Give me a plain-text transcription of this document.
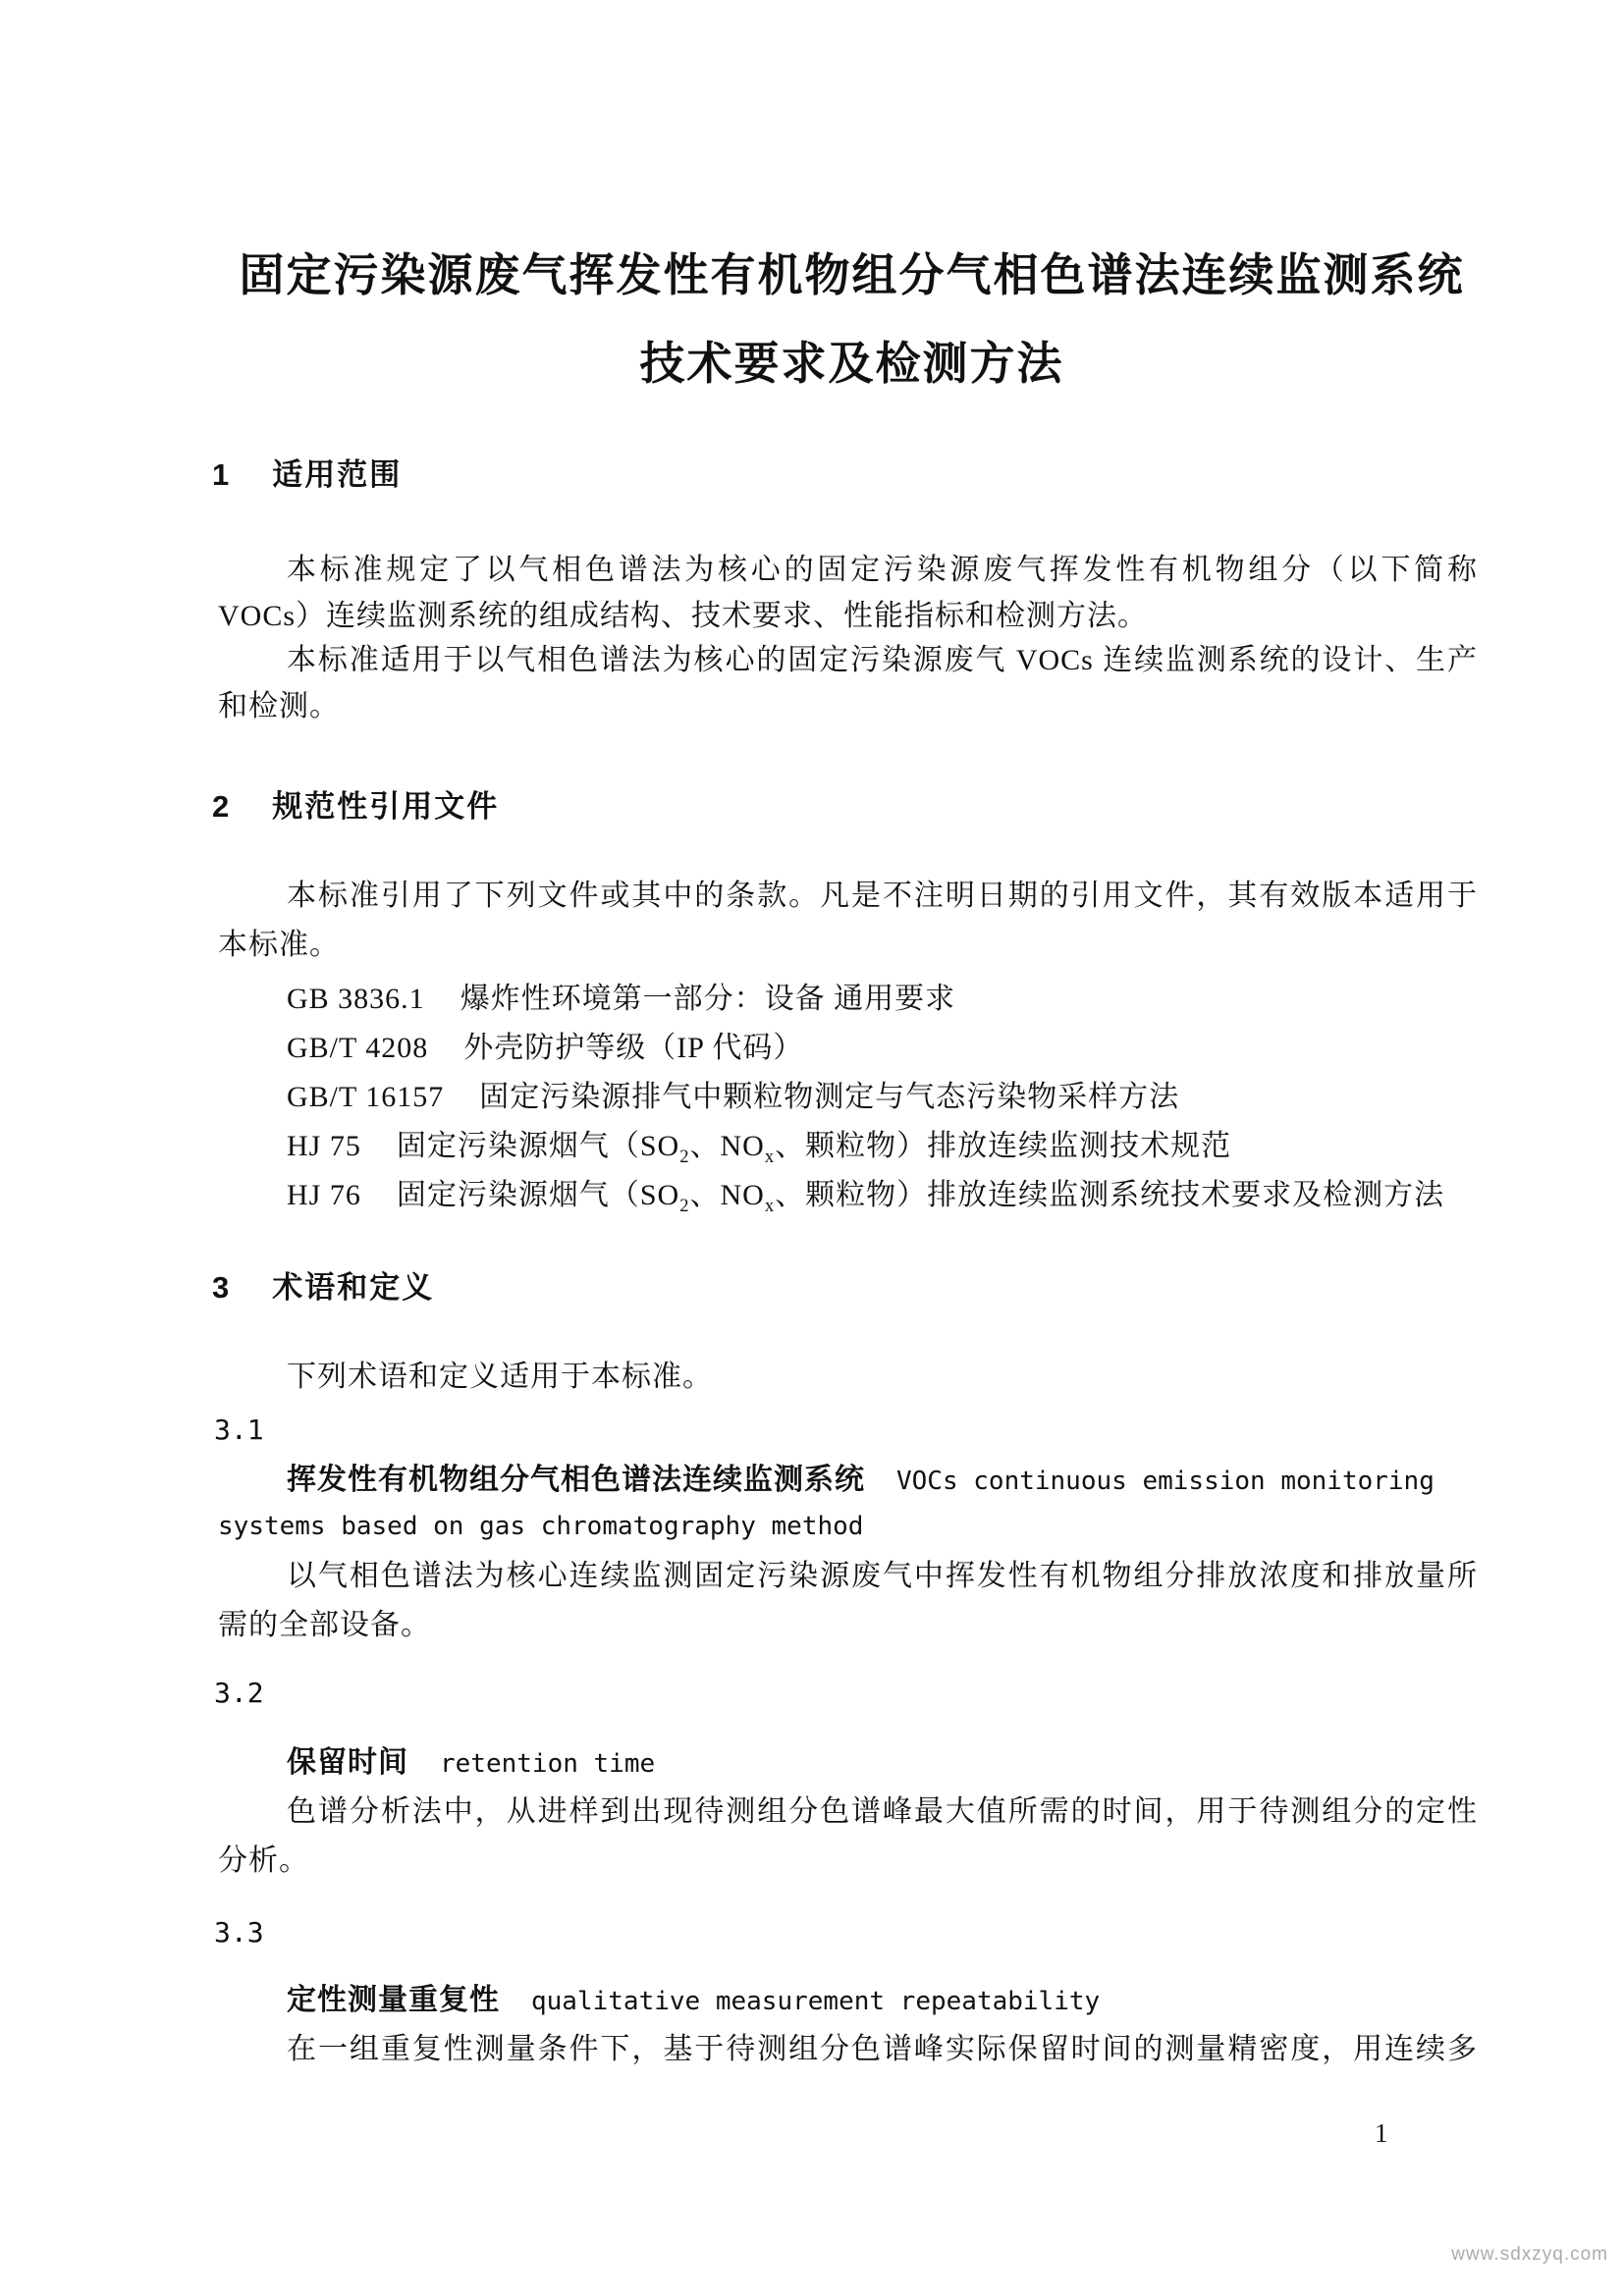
固定污染源废气挥发性有机物组分气相色谱法连续监测系统
技术要求及检测方法
1 适用范围
本标准规定了以气相色谱法为核心的固定污染源废气挥发性有机物组分（以下简称
VOCs）连续监测系统的组成结构、技术要求、性能指标和检测方法。
本标准适用于以气相色谱法为核心的固定污染源废气 VOCs 连续监测系统的设计、生产
和检测。
2 规范性引用文件
本标准引用了下列文件或其中的条款。凡是不注明日期的引用文件，其有效版本适用于
本标准。
GB 3836.1 爆炸性环境第一部分：设备 通用要求
GB/T 4208 外壳防护等级（IP 代码）
GB/T 16157 固定污染源排气中颗粒物测定与气态污染物采样方法
HJ 75 固定污染源烟气（$SO_2$、$NO_x$、颗粒物）排放连续监测技术规范
HJ 76 固定污染源烟气（$SO_2$、$NO_x$、颗粒物）排放连续监测系统技术要求及检测方法
3 术语和定义
下列术语和定义适用于本标准。
3.1
挥发性有机物组分气相色谱法连续监测系统 VOCs continuous emission monitoring
systems based on gas chromatography method
以气相色谱法为核心连续监测固定污染源废气中挥发性有机物组分排放浓度和排放量所
需的全部设备。
3.2
保留时间 retention time
色谱分析法中，从进样到出现待测组分色谱峰最大值所需的时间，用于待测组分的定性
分析。
3.3
定性测量重复性 qualitative measurement repeatability
在一组重复性测量条件下，基于待测组分色谱峰实际保留时间的测量精密度，用连续多
1
www.sdxzyq.com
